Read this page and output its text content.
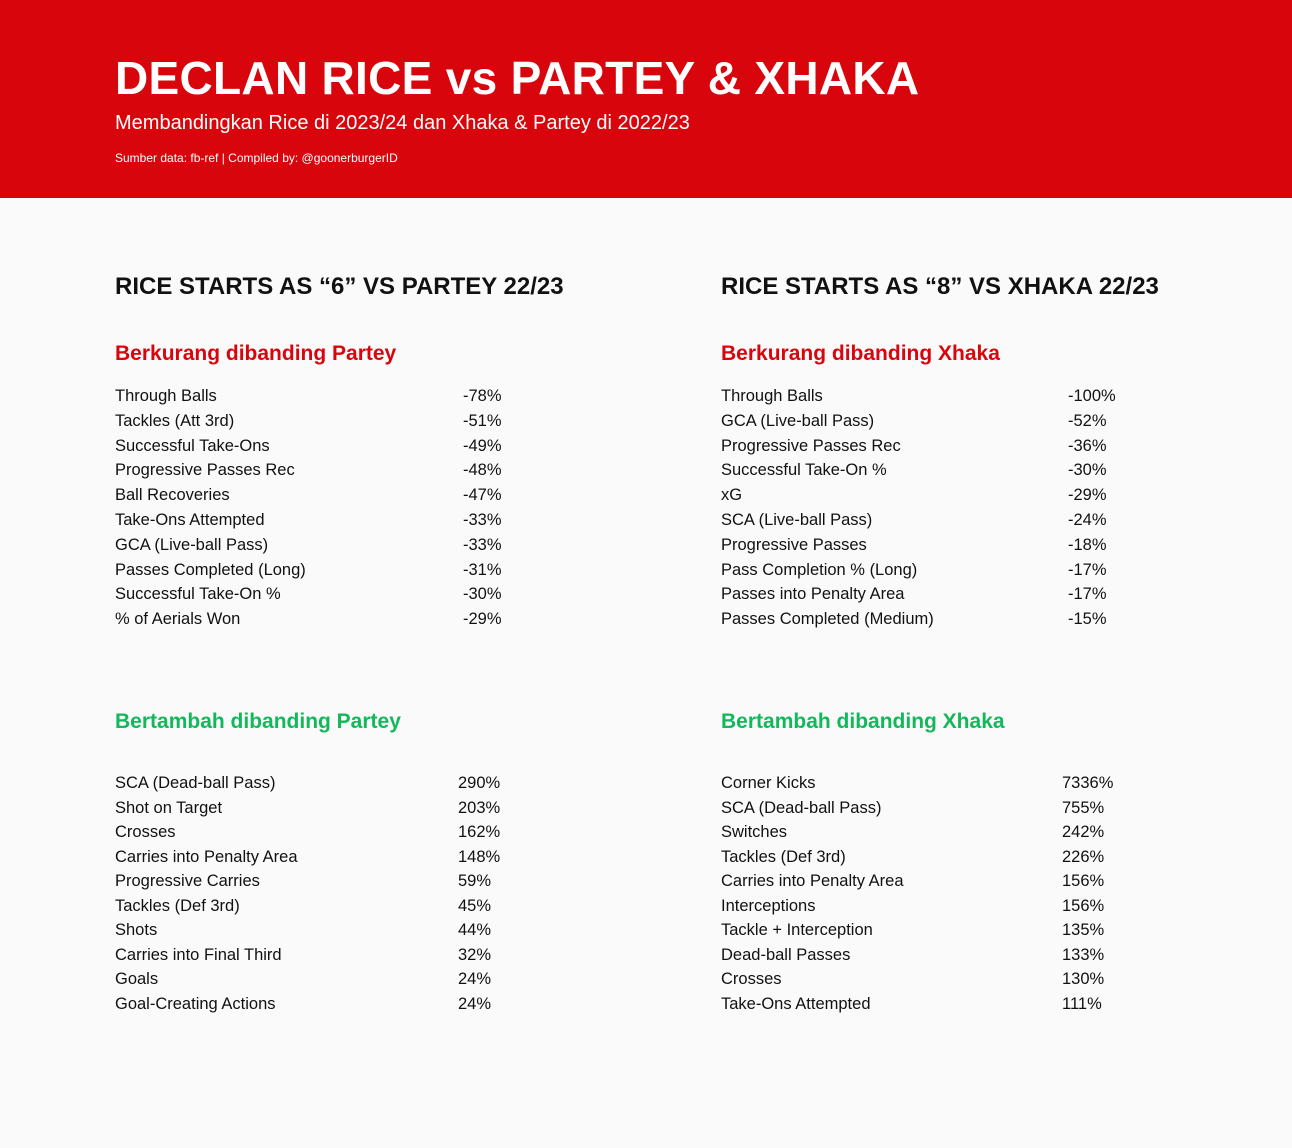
DECLAN RICE vs PARTEY & XHAKA
Membandingkan Rice di 2023/24 dan Xhaka & Partey di 2022/23
Sumber data: fb-ref | Compiled by: @goonerburgerID
RICE STARTS AS “6” VS PARTEY 22/23
Berkurang dibanding Partey
Through Balls	-78%
Tackles (Att 3rd)	-51%
Successful Take-Ons	-49%
Progressive Passes Rec	-48%
Ball Recoveries	-47%
Take-Ons Attempted	-33%
GCA (Live-ball Pass)	-33%
Passes Completed (Long)	-31%
Successful Take-On %	-30%
% of Aerials Won	-29%
Bertambah dibanding Partey
SCA (Dead-ball Pass)	290%
Shot on Target	203%
Crosses	162%
Carries into Penalty Area	148%
Progressive Carries	59%
Tackles (Def 3rd)	45%
Shots	44%
Carries into Final Third	32%
Goals	24%
Goal-Creating Actions	24%
RICE STARTS AS “8” VS XHAKA 22/23
Berkurang dibanding Xhaka
Through Balls	-100%
GCA (Live-ball Pass)	-52%
Progressive Passes Rec	-36%
Successful Take-On %	-30%
xG	-29%
SCA (Live-ball Pass)	-24%
Progressive Passes	-18%
Pass Completion % (Long)	-17%
Passes into Penalty Area	-17%
Passes Completed (Medium)	-15%
Bertambah dibanding Xhaka
Corner Kicks	7336%
SCA (Dead-ball Pass)	755%
Switches	242%
Tackles (Def 3rd)	226%
Carries into Penalty Area	156%
Interceptions	156%
Tackle + Interception	135%
Dead-ball Passes	133%
Crosses	130%
Take-Ons Attempted	111%
